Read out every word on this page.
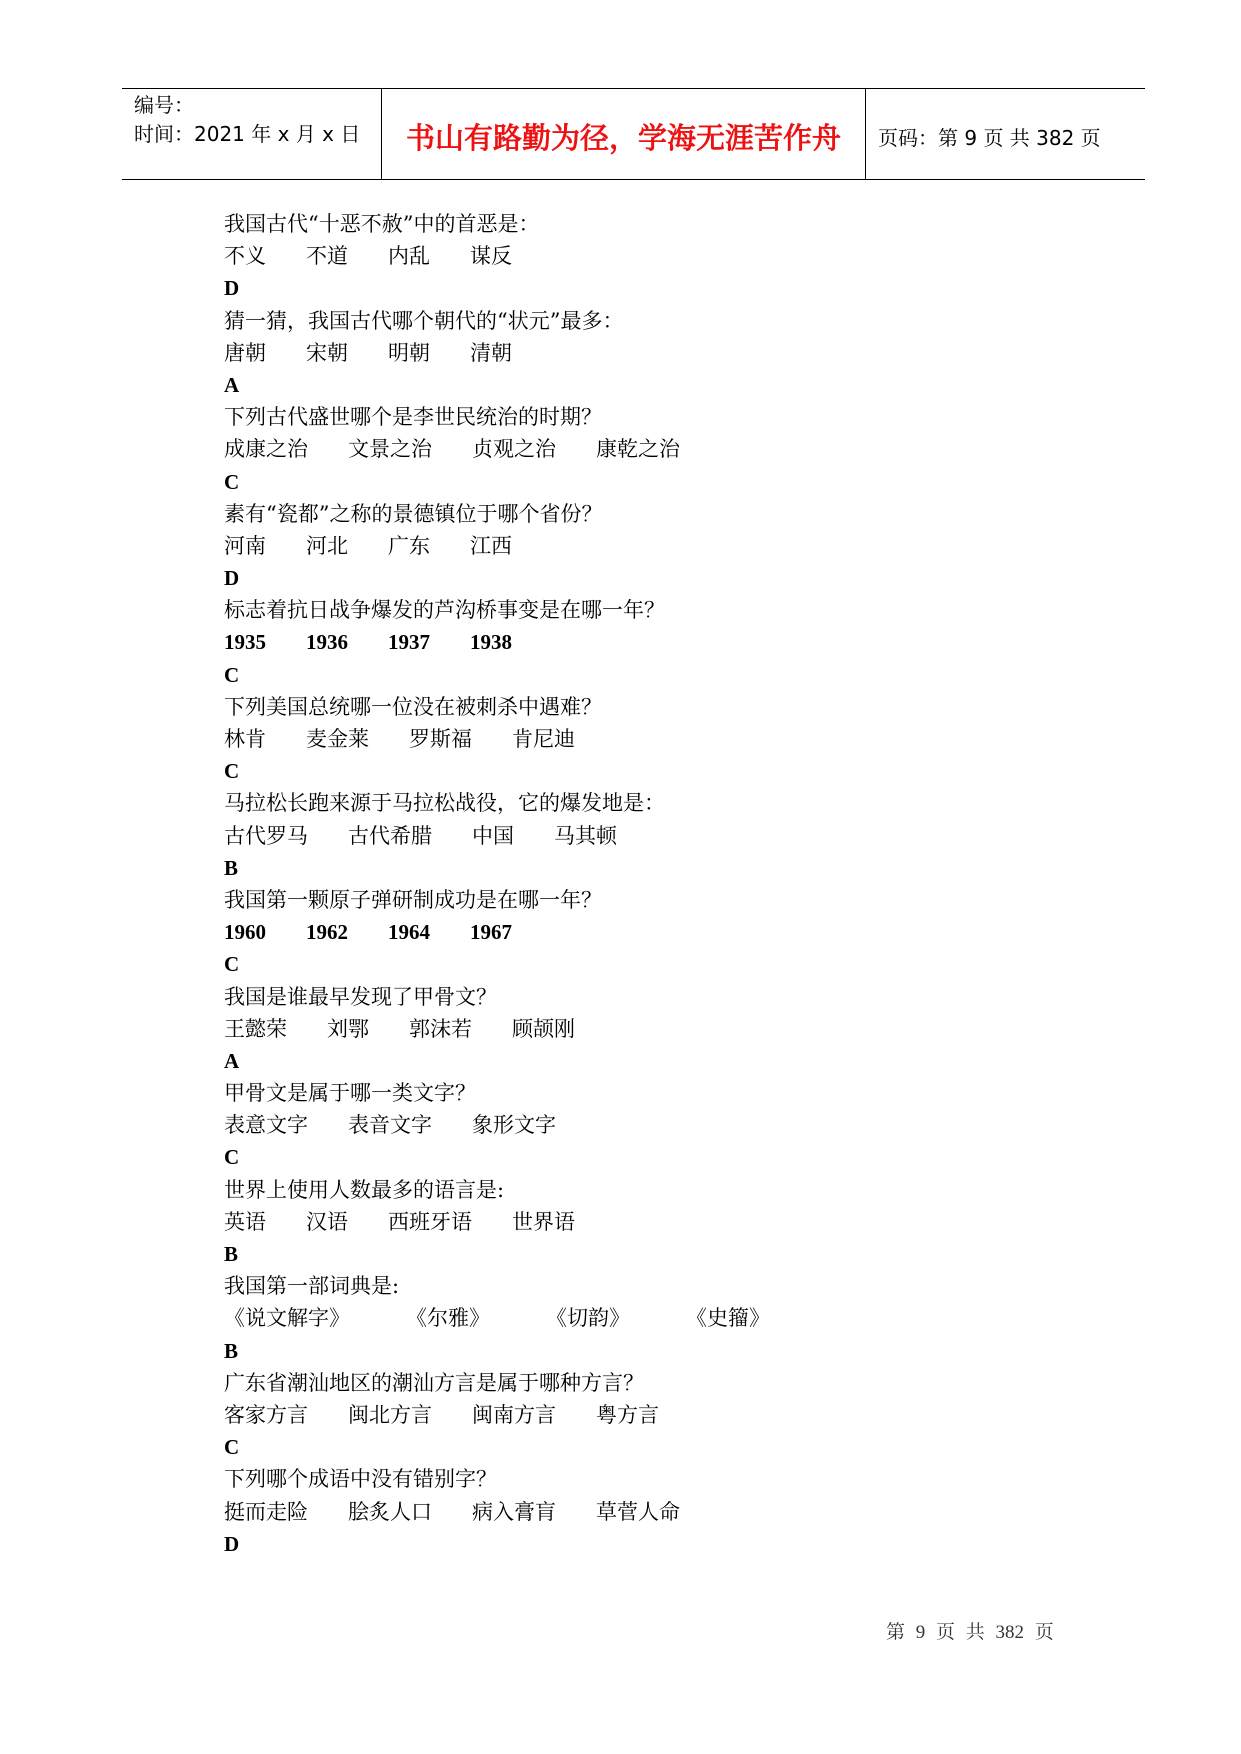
编号：
时间：2021 年 x 月 x 日	书山有路勤为径，学海无涯苦作舟	页码：第 9 页 共 382 页
我国古代“十恶不赦”中的首恶是：
不义 不道 内乱 谋反
D
猜一猜，我国古代哪个朝代的“状元”最多：
唐朝 宋朝 明朝 清朝
A
下列古代盛世哪个是李世民统治的时期？
成康之治 文景之治 贞观之治 康乾之治
C
素有“瓷都”之称的景德镇位于哪个省份？
河南 河北 广东 江西
D
标志着抗日战争爆发的芦沟桥事变是在哪一年？
1935 1936 1937 1938
C
下列美国总统哪一位没在被刺杀中遇难？
林肯 麦金莱 罗斯福 肯尼迪
C
马拉松长跑来源于马拉松战役，它的爆发地是：
古代罗马 古代希腊 中国 马其顿
B
我国第一颗原子弹研制成功是在哪一年？
1960 1962 1964 1967
C
我国是谁最早发现了甲骨文？
王懿荣 刘鄂 郭沫若 顾颉刚
A
甲骨文是属于哪一类文字？
表意文字 表音文字 象形文字
C
世界上使用人数最多的语言是:
英语 汉语 西班牙语 世界语
B
我国第一部词典是:
《说文解字》	《尔雅》	《切韵》	《史籀》
B
广东省潮汕地区的潮汕方言是属于哪种方言？
客家方言 闽北方言 闽南方言 粤方言
C
下列哪个成语中没有错别字？
挺而走险 脍炙人口 病入膏肓 草菅人命
D
第 9 页 共 382 页
